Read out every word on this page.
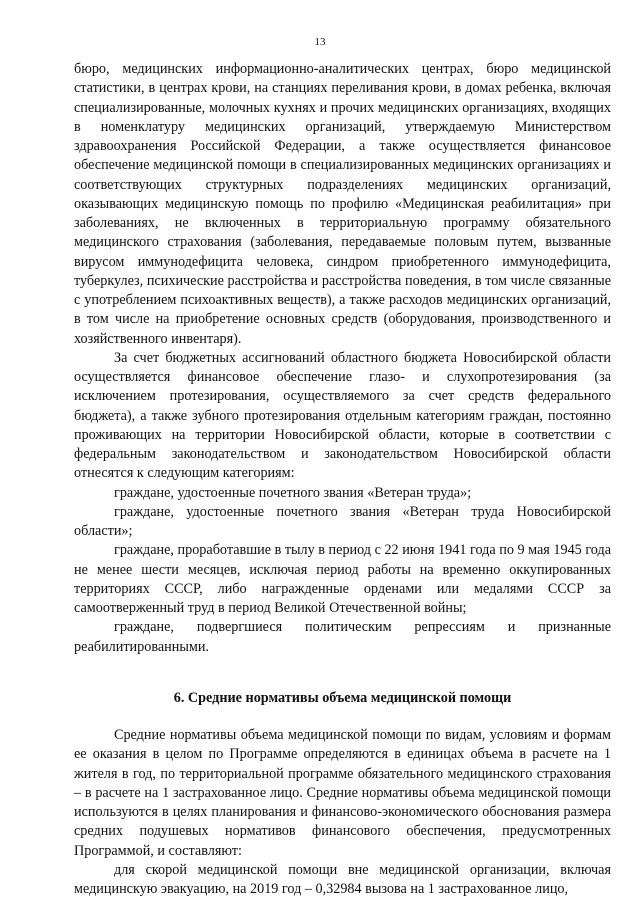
13

бюро, медицинских информационно-аналитических центрах, бюро медицинской статистики, в центрах крови, на станциях переливания крови, в домах ребенка, включая специализированные, молочных кухнях и прочих медицинских организациях, входящих в номенклатуру медицинских организаций, утверждаемую Министерством здравоохранения Российской Федерации, а также осуществляется финансовое обеспечение медицинской помощи в специализированных медицинских организациях и соответствующих структурных подразделениях медицинских организаций, оказывающих медицинскую помощь по профилю «Медицинская реабилитация» при заболеваниях, не включенных в территориальную программу обязательного медицинского страхования (заболевания, передаваемые половым путем, вызванные вирусом иммунодефицита человека, синдром приобретенного иммунодефицита, туберкулез, психические расстройства и расстройства поведения, в том числе связанные с употреблением психоактивных веществ), а также расходов медицинских организаций, в том числе на приобретение основных средств (оборудования, производственного и хозяйственного инвентаря).

За счет бюджетных ассигнований областного бюджета Новосибирской области осуществляется финансовое обеспечение глазо- и слухопротезирования (за исключением протезирования, осуществляемого за счет средств федерального бюджета), а также зубного протезирования отдельным категориям граждан, постоянно проживающих на территории Новосибирской области, которые в соответствии с федеральным законодательством и законодательством Новосибирской области отнесятся к следующим категориям:

граждане, удостоенные почетного звания «Ветеран труда»;

граждане, удостоенные почетного звания «Ветеран труда Новосибирской области»;

граждане, проработавшие в тылу в период с 22 июня 1941 года по 9 мая 1945 года не менее шести месяцев, исключая период работы на временно оккупированных территориях СССР, либо награжденные орденами или медалями СССР за самоотверженный труд в период Великой Отечественной войны;

граждане, подвергшиеся политическим репрессиям и признанные реабилитированными.

6. Средние нормативы объема медицинской помощи

Средние нормативы объема медицинской помощи по видам, условиям и формам ее оказания в целом по Программе определяются в единицах объема в расчете на 1 жителя в год, по территориальной программе обязательного медицинского страхования – в расчете на 1 застрахованное лицо. Средние нормативы объема медицинской помощи используются в целях планирования и финансово-экономического обоснования размера средних подушевых нормативов финансового обеспечения, предусмотренных Программой, и составляют:

для скорой медицинской помощи вне медицинской организации, включая медицинскую эвакуацию, на 2019 год – 0,32984 вызова на 1 застрахованное лицо,
